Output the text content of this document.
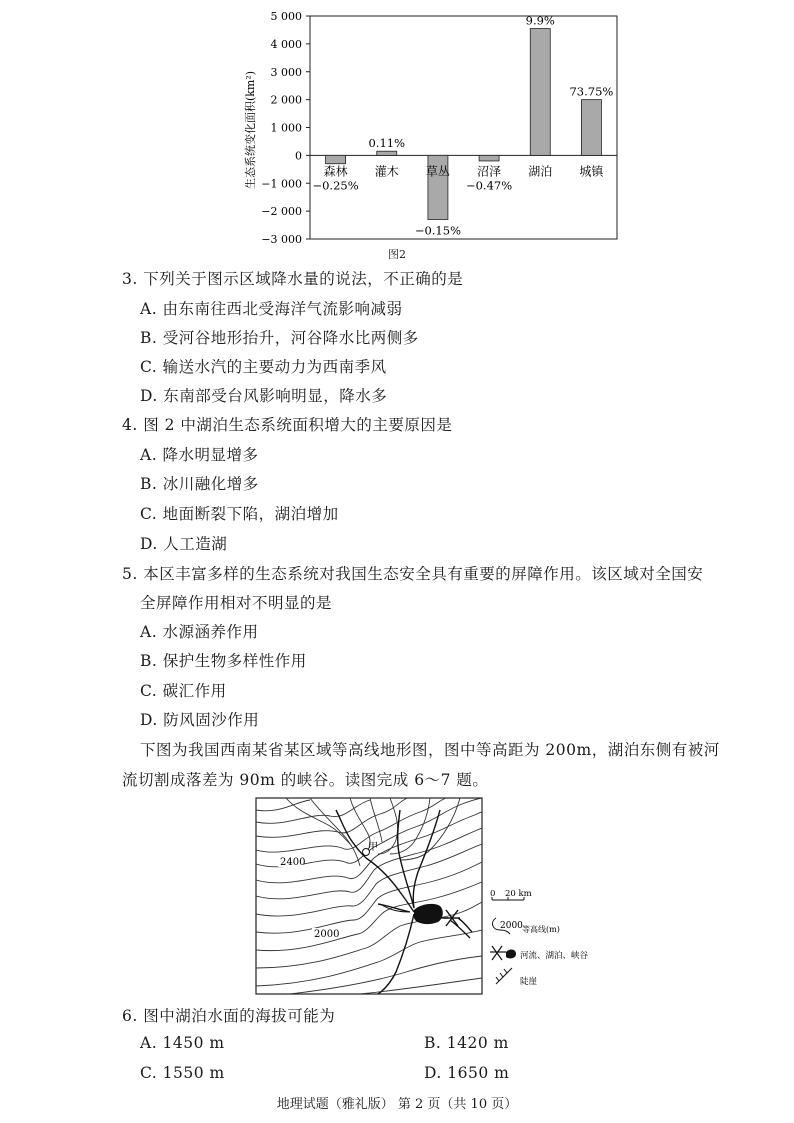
5 000
4 000
3 000
2 000
1 000
0
−1 000
−2 000
−3 000
森林
−0.25%
灌木
0.11%
草丛
−0.15%
沼泽
−0.47%
湖泊
9.9%
城镇
73.75%
生态系统变化面积(km²)
图2
3. 下列关于图示区域降水量的说法，不正确的是
A. 由东南往西北受海洋气流影响减弱
B. 受河谷地形抬升，河谷降水比两侧多
C. 输送水汽的主要动力为西南季风
D. 东南部受台风影响明显，降水多
4. 图 2 中湖泊生态系统面积增大的主要原因是
A. 降水明显增多
B. 冰川融化增多
C. 地面断裂下陷，湖泊增加
D. 人工造湖
5. 本区丰富多样的生态系统对我国生态安全具有重要的屏障作用。该区域对全国安
全屏障作用相对不明显的是
A. 水源涵养作用
B. 保护生物多样性作用
C. 碳汇作用
D. 防风固沙作用
下图为我国西南某省某区域等高线地形图，图中等高距为 200m，湖泊东侧有被河
流切割成落差为 90m 的峡谷。读图完成 6～7 题。
甲
2400
2000
0 20 km
2000 等高线(m)
河流、湖泊、峡谷
陡崖
6. 图中湖泊水面的海拔可能为
A. 1450 m	B. 1420 m
C. 1550 m	D. 1650 m
地理试题（雅礼版） 第 2 页（共 10 页）
